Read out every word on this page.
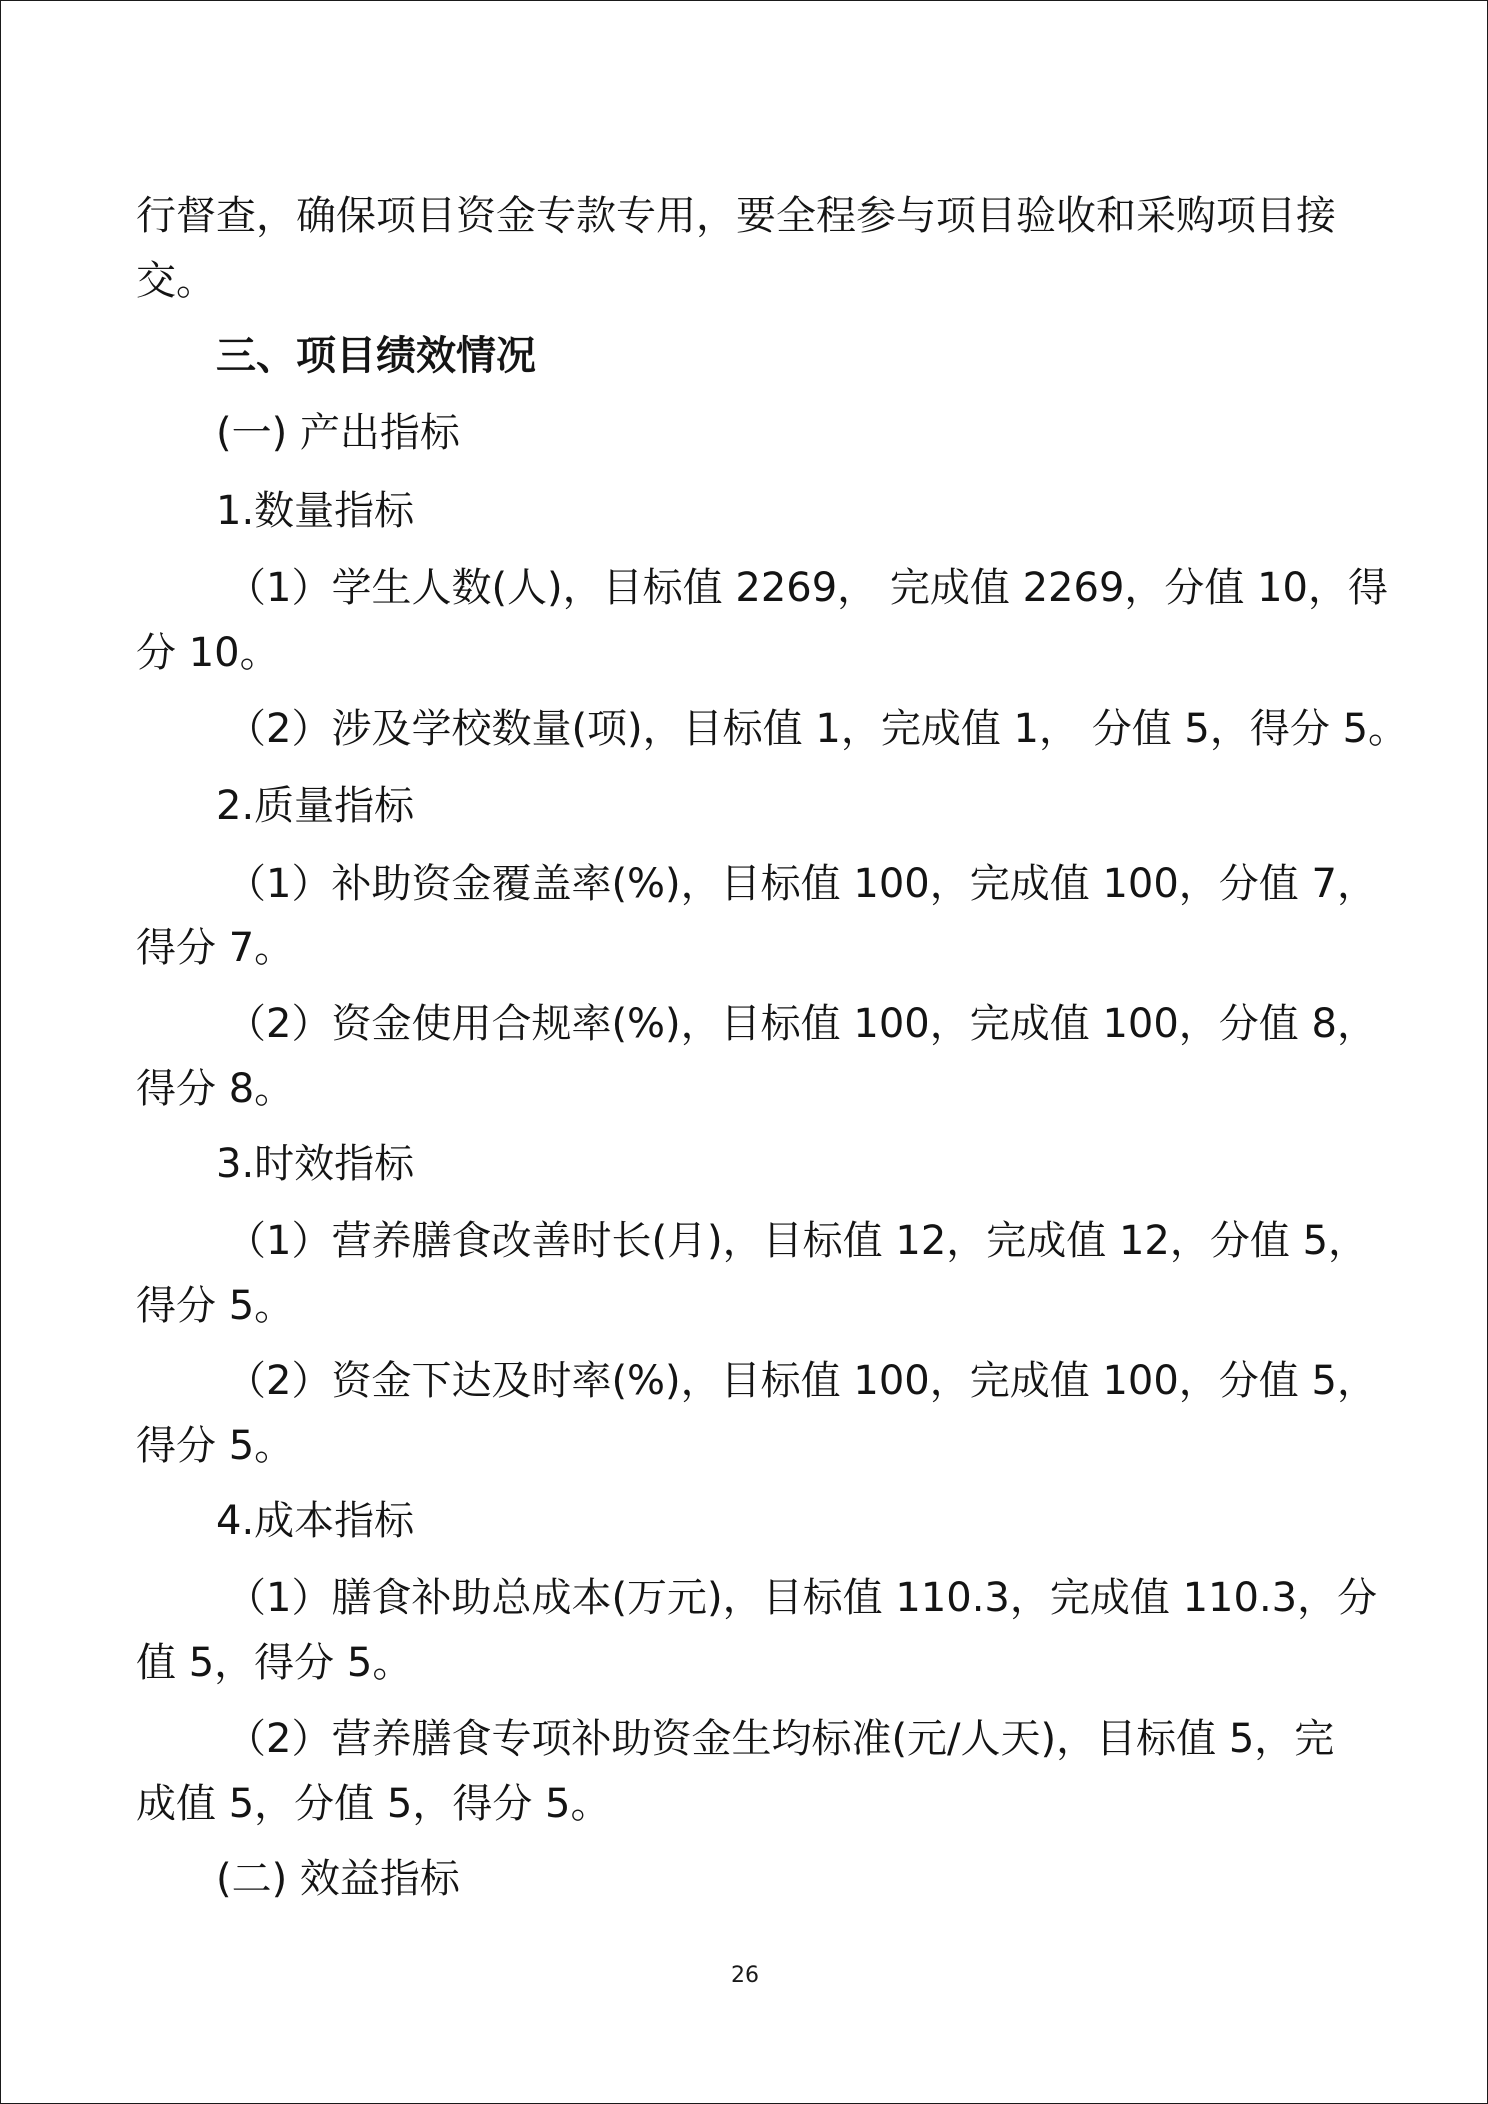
行督查，确保项目资金专款专用，要全程参与项目验收和采购项目接
交。
三、项目绩效情况
(一) 产出指标
1.数量指标
（1）学生人数(人)，目标值 2269， 完成值 2269，分值 10，得
分 10。
（2）涉及学校数量(项)，目标值 1，完成值 1， 分值 5，得分 5。
2.质量指标
（1）补助资金覆盖率(%)，目标值 100，完成值 100，分值 7，
得分 7。
（2）资金使用合规率(%)，目标值 100，完成值 100，分值 8，
得分 8。
3.时效指标
（1）营养膳食改善时长(月)，目标值 12，完成值 12，分值 5，
得分 5。
（2）资金下达及时率(%)，目标值 100，完成值 100，分值 5，
得分 5。
4.成本指标
（1）膳食补助总成本(万元)，目标值 110.3，完成值 110.3，分
值 5，得分 5。
（2）营养膳食专项补助资金生均标准(元/人天)，目标值 5，完
成值 5，分值 5，得分 5。
(二) 效益指标
26
